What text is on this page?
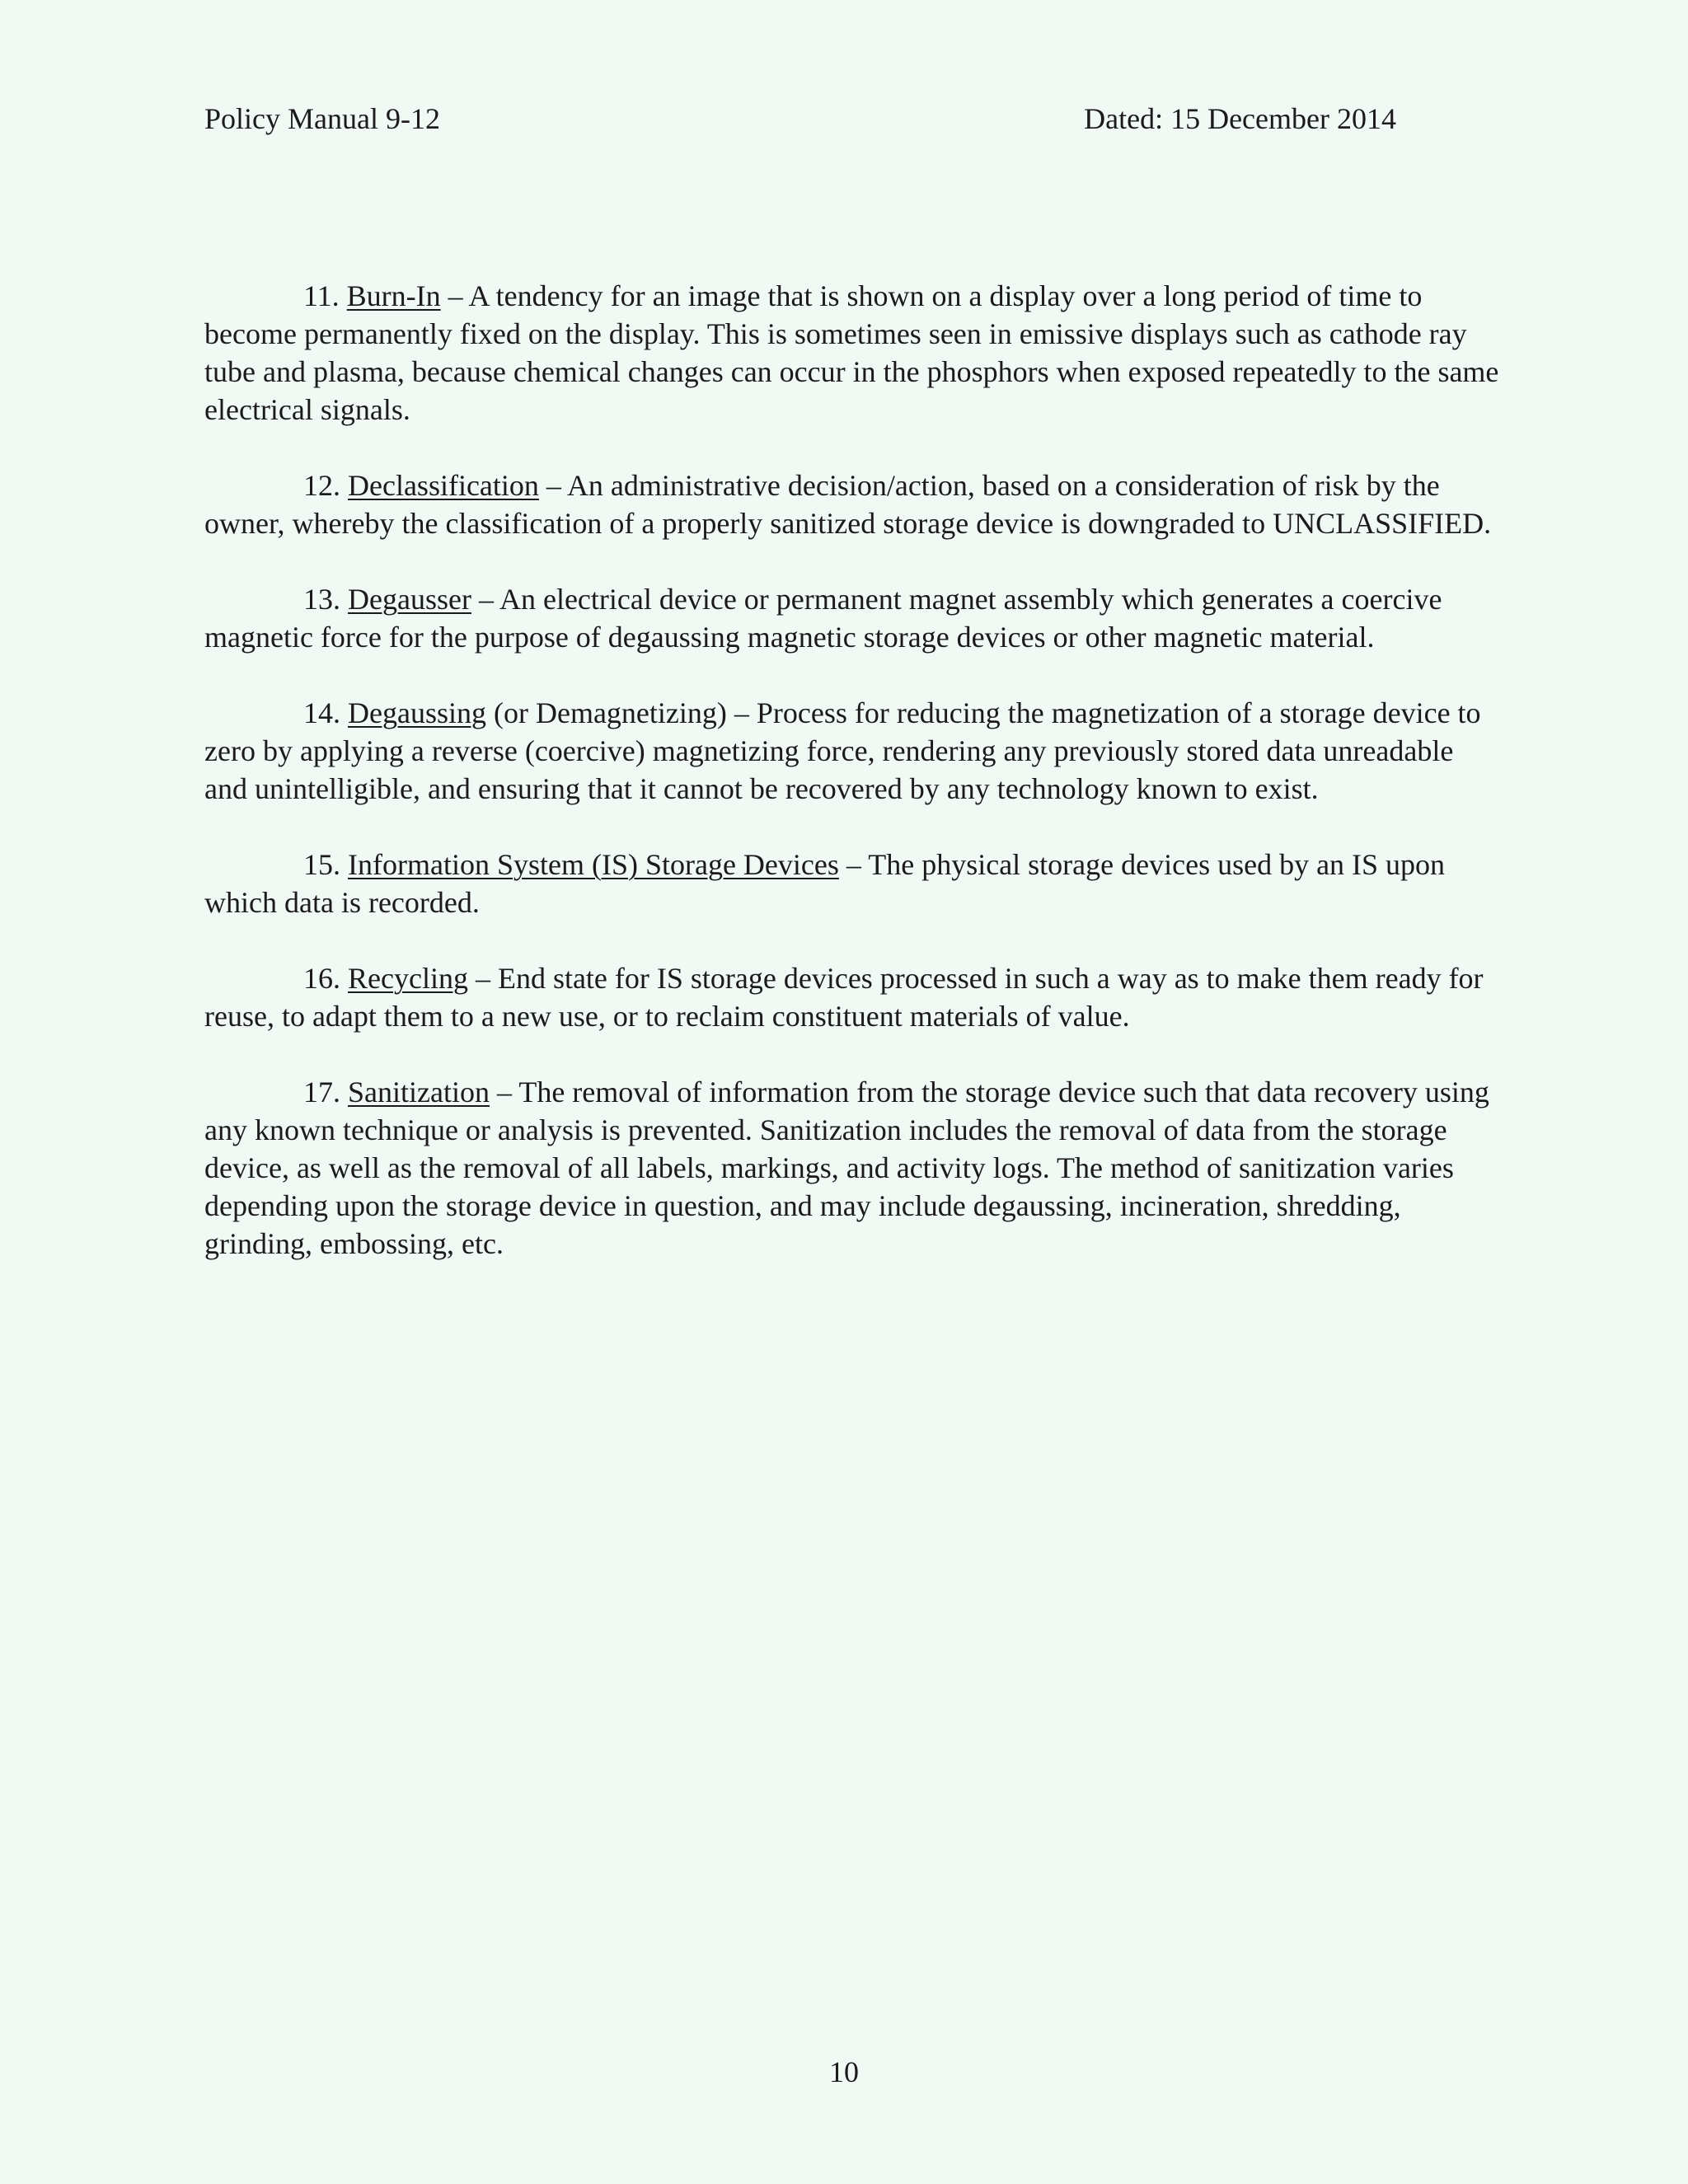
Policy Manual 9-12	Dated: 15 December 2014

11. Burn-In – A tendency for an image that is shown on a display over a long period of time to become permanently fixed on the display. This is sometimes seen in emissive displays such as cathode ray tube and plasma, because chemical changes can occur in the phosphors when exposed repeatedly to the same electrical signals.

12. Declassification – An administrative decision/action, based on a consideration of risk by the owner, whereby the classification of a properly sanitized storage device is downgraded to UNCLASSIFIED.

13. Degausser – An electrical device or permanent magnet assembly which generates a coercive magnetic force for the purpose of degaussing magnetic storage devices or other magnetic material.

14. Degaussing (or Demagnetizing) – Process for reducing the magnetization of a storage device to zero by applying a reverse (coercive) magnetizing force, rendering any previously stored data unreadable and unintelligible, and ensuring that it cannot be recovered by any technology known to exist.

15. Information System (IS) Storage Devices – The physical storage devices used by an IS upon which data is recorded.

16. Recycling – End state for IS storage devices processed in such a way as to make them ready for reuse, to adapt them to a new use, or to reclaim constituent materials of value.

17. Sanitization – The removal of information from the storage device such that data recovery using any known technique or analysis is prevented. Sanitization includes the removal of data from the storage device, as well as the removal of all labels, markings, and activity logs. The method of sanitization varies depending upon the storage device in question, and may include degaussing, incineration, shredding, grinding, embossing, etc.

10
